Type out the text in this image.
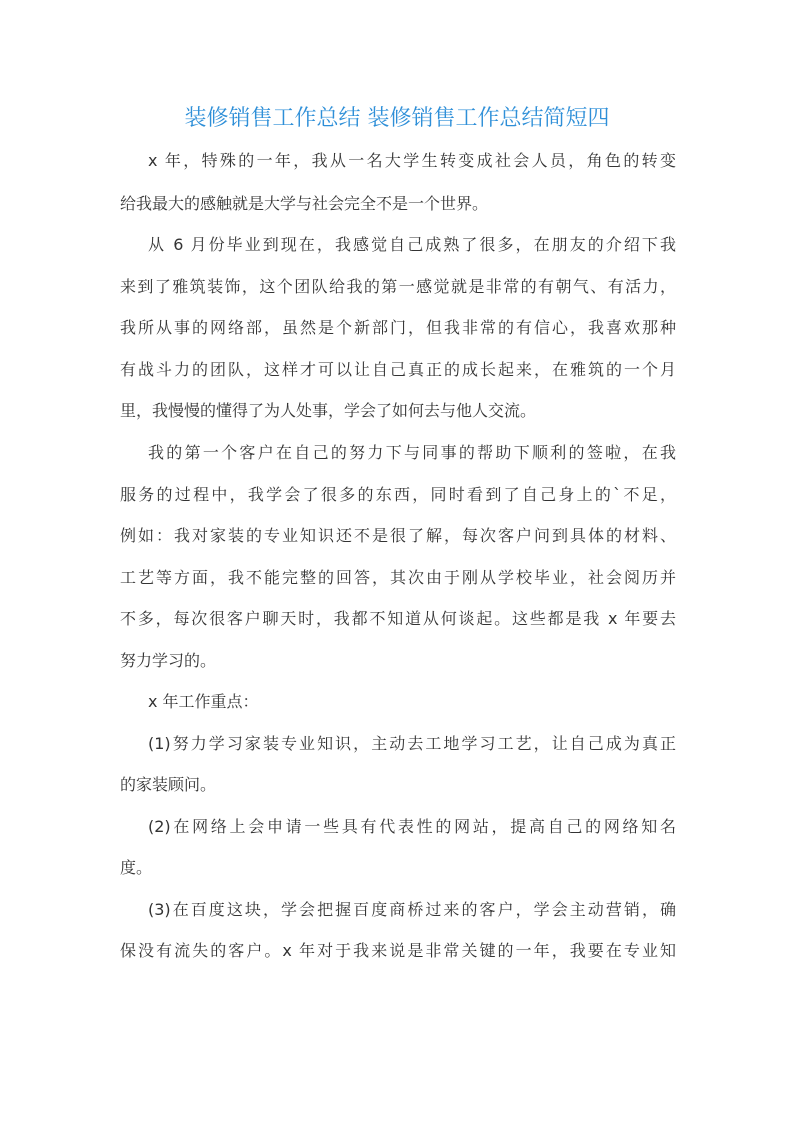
装修销售工作总结 装修销售工作总结简短四
x 年，特殊的一年，我从一名大学生转变成社会人员，角色的转变
给我最大的感触就是大学与社会完全不是一个世界。
从 6 月份毕业到现在，我感觉自己成熟了很多，在朋友的介绍下我
来到了雅筑装饰，这个团队给我的第一感觉就是非常的有朝气、有活力，
我所从事的网络部，虽然是个新部门，但我非常的有信心，我喜欢那种
有战斗力的团队，这样才可以让自己真正的成长起来，在雅筑的一个月
里，我慢慢的懂得了为人处事，学会了如何去与他人交流。
我的第一个客户在自己的努力下与同事的帮助下顺利的签啦，在我
服务的过程中，我学会了很多的东西，同时看到了自己身上的`不足，
例如：我对家装的专业知识还不是很了解，每次客户问到具体的材料、
工艺等方面，我不能完整的回答，其次由于刚从学校毕业，社会阅历并
不多，每次很客户聊天时，我都不知道从何谈起。这些都是我 x 年要去
努力学习的。
x 年工作重点：
(1)努力学习家装专业知识，主动去工地学习工艺，让自己成为真正
的家装顾问。
(2)在网络上会申请一些具有代表性的网站，提高自己的网络知名
度。
(3)在百度这块，学会把握百度商桥过来的客户，学会主动营销，确
保没有流失的客户。x 年对于我来说是非常关键的一年，我要在专业知
